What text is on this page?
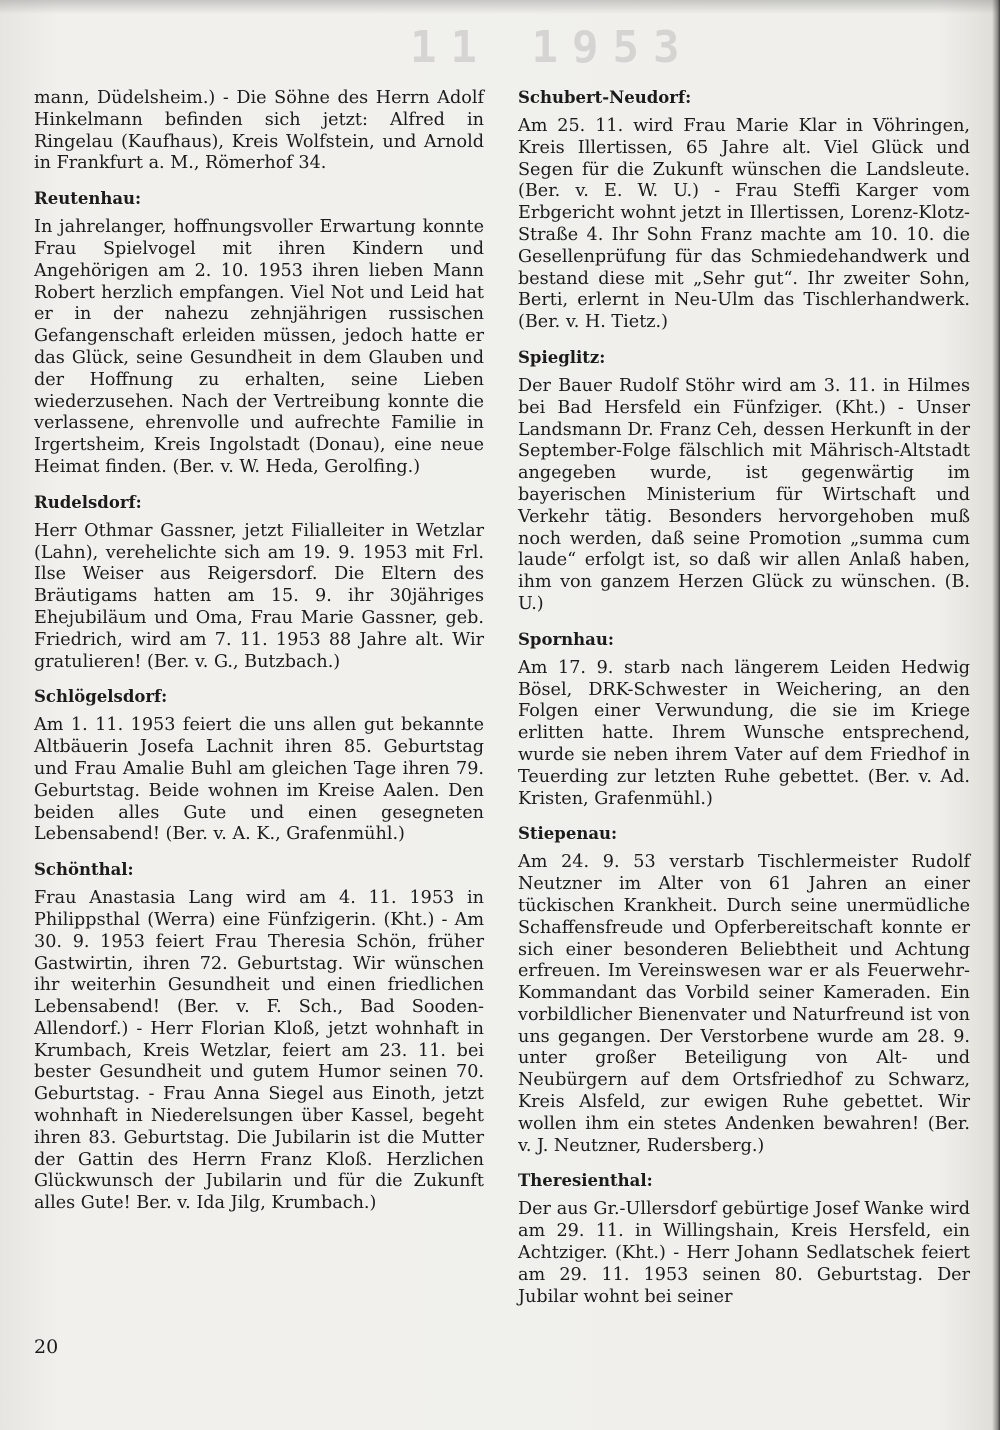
11 1953

mann, Düdelsheim.) - Die Söhne des Herrn Adolf Hinkelmann befinden sich jetzt: Alfred in Ringelau (Kaufhaus), Kreis Wolfstein, und Arnold in Frankfurt a. M., Römerhof 34.

Reutenhau:

In jahrelanger, hoffnungsvoller Erwartung konnte Frau Spielvogel mit ihren Kindern und Angehörigen am 2. 10. 1953 ihren lieben Mann Robert herzlich empfangen. Viel Not und Leid hat er in der nahezu zehnjährigen russischen Gefangenschaft erleiden müssen, jedoch hatte er das Glück, seine Gesundheit in dem Glauben und der Hoffnung zu erhalten, seine Lieben wiederzusehen. Nach der Vertreibung konnte die verlassene, ehrenvolle und aufrechte Familie in Irgertsheim, Kreis Ingolstadt (Donau), eine neue Heimat finden. (Ber. v. W. Heda, Gerolfing.)

Rudelsdorf:

Herr Othmar Gassner, jetzt Filialleiter in Wetzlar (Lahn), verehelichte sich am 19. 9. 1953 mit Frl. Ilse Weiser aus Reigersdorf. Die Eltern des Bräutigams hatten am 15. 9. ihr 30jähriges Ehejubiläum und Oma, Frau Marie Gassner, geb. Friedrich, wird am 7. 11. 1953 88 Jahre alt. Wir gratulieren! (Ber. v. G., Butzbach.)

Schlögelsdorf:

Am 1. 11. 1953 feiert die uns allen gut bekannte Altbäuerin Josefa Lachnit ihren 85. Geburtstag und Frau Amalie Buhl am gleichen Tage ihren 79. Geburtstag. Beide wohnen im Kreise Aalen. Den beiden alles Gute und einen gesegneten Lebensabend! (Ber. v. A. K., Grafenmühl.)

Schönthal:

Frau Anastasia Lang wird am 4. 11. 1953 in Philippsthal (Werra) eine Fünfzigerin. (Kht.) - Am 30. 9. 1953 feiert Frau Theresia Schön, früher Gastwirtin, ihren 72. Geburtstag. Wir wünschen ihr weiterhin Gesundheit und einen friedlichen Lebensabend! (Ber. v. F. Sch., Bad Sooden-Allendorf.) - Herr Florian Kloß, jetzt wohnhaft in Krumbach, Kreis Wetzlar, feiert am 23. 11. bei bester Gesundheit und gutem Humor seinen 70. Geburtstag. - Frau Anna Siegel aus Einoth, jetzt wohnhaft in Niederelsungen über Kassel, begeht ihren 83. Geburtstag. Die Jubilarin ist die Mutter der Gattin des Herrn Franz Kloß. Herzlichen Glückwunsch der Jubilarin und für die Zukunft alles Gute! Ber. v. Ida Jilg, Krumbach.)

Schubert-Neudorf:

Am 25. 11. wird Frau Marie Klar in Vöhringen, Kreis Illertissen, 65 Jahre alt. Viel Glück und Segen für die Zukunft wünschen die Landsleute. (Ber. v. E. W. U.) - Frau Steffi Karger vom Erbgericht wohnt jetzt in Illertissen, Lorenz-Klotz-Straße 4. Ihr Sohn Franz machte am 10. 10. die Gesellenprüfung für das Schmiedehandwerk und bestand diese mit „Sehr gut“. Ihr zweiter Sohn, Berti, erlernt in Neu-Ulm das Tischlerhandwerk. (Ber. v. H. Tietz.)

Spieglitz:

Der Bauer Rudolf Stöhr wird am 3. 11. in Hilmes bei Bad Hersfeld ein Fünfziger. (Kht.) - Unser Landsmann Dr. Franz Ceh, dessen Herkunft in der September-Folge fälschlich mit Mährisch-Altstadt angegeben wurde, ist gegenwärtig im bayerischen Ministerium für Wirtschaft und Verkehr tätig. Besonders hervorgehoben muß noch werden, daß seine Promotion „summa cum laude“ erfolgt ist, so daß wir allen Anlaß haben, ihm von ganzem Herzen Glück zu wünschen. (B. U.)

Spornhau:

Am 17. 9. starb nach längerem Leiden Hedwig Bösel, DRK-Schwester in Weichering, an den Folgen einer Verwundung, die sie im Kriege erlitten hatte. Ihrem Wunsche entsprechend, wurde sie neben ihrem Vater auf dem Friedhof in Teuerding zur letzten Ruhe gebettet. (Ber. v. Ad. Kristen, Grafenmühl.)

Stiepenau:

Am 24. 9. 53 verstarb Tischlermeister Rudolf Neutzner im Alter von 61 Jahren an einer tückischen Krankheit. Durch seine unermüdliche Schaffensfreude und Opferbereitschaft konnte er sich einer besonderen Beliebtheit und Achtung erfreuen. Im Vereinswesen war er als Feuerwehr-Kommandant das Vorbild seiner Kameraden. Ein vorbildlicher Bienenvater und Naturfreund ist von uns gegangen. Der Verstorbene wurde am 28. 9. unter großer Beteiligung von Alt- und Neubürgern auf dem Ortsfriedhof zu Schwarz, Kreis Alsfeld, zur ewigen Ruhe gebettet. Wir wollen ihm ein stetes Andenken bewahren! (Ber. v. J. Neutzner, Rudersberg.)

Theresienthal:

Der aus Gr.-Ullersdorf gebürtige Josef Wanke wird am 29. 11. in Willingshain, Kreis Hersfeld, ein Achtziger. (Kht.) - Herr Johann Sedlatschek feiert am 29. 11. 1953 seinen 80. Geburtstag. Der Jubilar wohnt bei seiner

20
